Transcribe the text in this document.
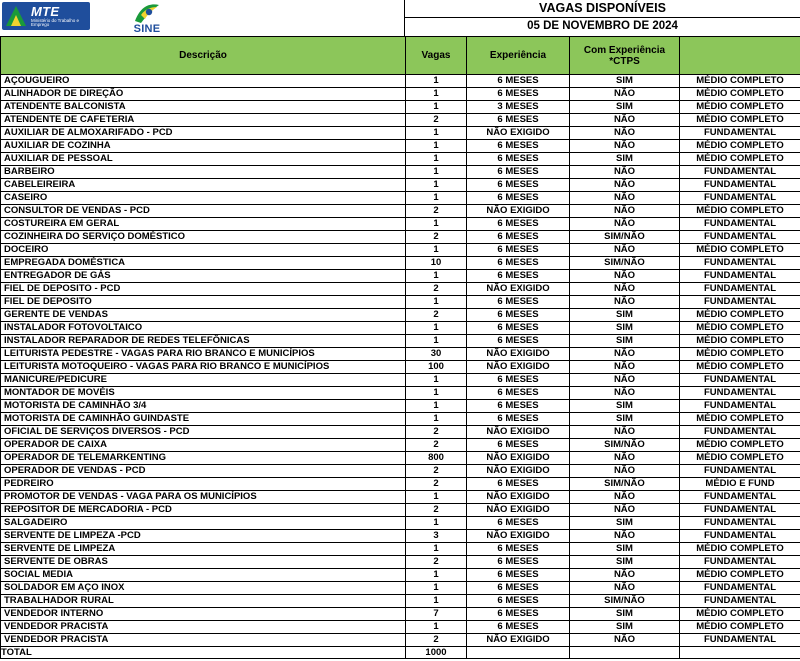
MTE
Ministério do Trabalho e Emprego	SINE
VAGAS DISPONÍVEIS
05 DE NOVEMBRO DE 2024
Descrição	Vagas	Experiência	Com Experiência
*CTPS	
AÇOUGUEIRO	1	6 MESES	SIM	MÉDIO COMPLETO
ALINHADOR DE DIREÇÃO	1	6 MESES	NÃO	MÉDIO COMPLETO
ATENDENTE BALCONISTA	1	3 MESES	SIM	MÉDIO COMPLETO
ATENDENTE DE CAFETERIA	2	6 MESES	NÃO	MÉDIO COMPLETO
AUXILIAR DE ALMOXARIFADO - PCD	1	NÃO EXIGIDO	NÃO	FUNDAMENTAL
AUXILIAR DE COZINHA	1	6 MESES	NÃO	MÉDIO COMPLETO
AUXILIAR DE PESSOAL	1	6 MESES	SIM	MÉDIO COMPLETO
BARBEIRO	1	6 MESES	NÃO	FUNDAMENTAL
CABELEIREIRA	1	6 MESES	NÃO	FUNDAMENTAL
CASEIRO	1	6 MESES	NÃO	FUNDAMENTAL
CONSULTOR DE VENDAS - PCD	2	NÃO EXIGIDO	NÃO	MÉDIO COMPLETO
COSTUREIRA EM GERAL	1	6 MESES	NÃO	FUNDAMENTAL
COZINHEIRA DO SERVIÇO DOMÉSTICO	2	6 MESES	SIM/NÃO	FUNDAMENTAL
DOCEIRO	1	6 MESES	NÃO	MÉDIO COMPLETO
EMPREGADA DOMÉSTICA	10	6 MESES	SIM/NÃO	FUNDAMENTAL
ENTREGADOR DE GÁS	1	6 MESES	NÃO	FUNDAMENTAL
FIEL DE DEPOSITO - PCD	2	NÃO EXIGIDO	NÃO	FUNDAMENTAL
FIEL DE DEPOSITO	1	6 MESES	NÃO	FUNDAMENTAL
GERENTE DE VENDAS	2	6 MESES	SIM	MÉDIO COMPLETO
INSTALADOR FOTOVOLTAICO	1	6 MESES	SIM	MÉDIO COMPLETO
INSTALADOR REPARADOR DE REDES TELEFÔNICAS	1	6 MESES	SIM	MÉDIO COMPLETO
LEITURISTA PEDESTRE - VAGAS PARA RIO BRANCO E MUNICÍPIOS	30	NÃO EXIGIDO	NÃO	MÉDIO COMPLETO
LEITURISTA MOTOQUEIRO - VAGAS PARA RIO BRANCO E MUNICÍPIOS	100	NÃO EXIGIDO	NÃO	MÉDIO COMPLETO
MANICURE/PEDICURE	1	6 MESES	NÃO	FUNDAMENTAL
MONTADOR DE MOVÉIS	1	6 MESES	NÃO	FUNDAMENTAL
MOTORISTA DE CAMINHÃO 3/4	1	6 MESES	SIM	FUNDAMENTAL
MOTORISTA DE CAMINHÃO GUINDASTE	1	6 MESES	SIM	MÉDIO COMPLETO
OFICIAL DE SERVIÇOS DIVERSOS - PCD	2	NÃO EXIGIDO	NÃO	FUNDAMENTAL
OPERADOR DE CAIXA	2	6 MESES	SIM/NÃO	MÉDIO COMPLETO
OPERADOR DE TELEMARKENTING	800	NÃO EXIGIDO	NÃO	MÉDIO COMPLETO
OPERADOR DE VENDAS - PCD	2	NÃO EXIGIDO	NÃO	FUNDAMENTAL
PEDREIRO	2	6 MESES	SIM/NÃO	MÉDIO E FUND
PROMOTOR DE VENDAS - VAGA PARA OS MUNICÍPIOS	1	NÃO EXIGIDO	NÃO	FUNDAMENTAL
REPOSITOR DE MERCADORIA - PCD	2	NÃO EXIGIDO	NÃO	FUNDAMENTAL
SALGADEIRO	1	6 MESES	SIM	FUNDAMENTAL
SERVENTE DE LIMPEZA -PCD	3	NÃO EXIGIDO	NÃO	FUNDAMENTAL
SERVENTE DE LIMPEZA	1	6 MESES	SIM	MÉDIO COMPLETO
SERVENTE DE OBRAS	2	6 MESES	SIM	FUNDAMENTAL
SOCIAL MEDIA	1	6 MESES	NÃO	MÉDIO COMPLETO
SOLDADOR EM AÇO INOX	1	6 MESES	NÃO	FUNDAMENTAL
TRABALHADOR RURAL	1	6 MESES	SIM/NÃO	FUNDAMENTAL
VENDEDOR INTERNO	7	6 MESES	SIM	MÉDIO COMPLETO
VENDEDOR PRACISTA	1	6 MESES	SIM	MÉDIO COMPLETO
VENDEDOR PRACISTA	2	NÃO EXIGIDO	NÃO	FUNDAMENTAL
TOTAL	1000			
